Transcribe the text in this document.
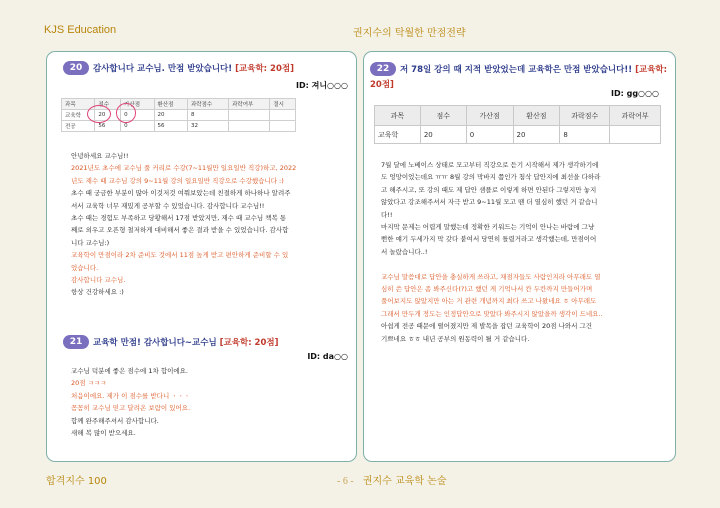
KJS Education	권지수의 탁월한 만점전략
20	감사합니다 교수님. 만점 받았습니다! [교육학: 20점]
ID: 져니○○○
과목	점수	가산점	환산점	과락점수	과락여부	결시
교육학	20	0	20	8		
전공	56	0	56	32		
안녕하세요 교수님!!
2021년도 초수에 교수님 풀 커리로 수강(7~11월만 일요일반 직강)하고, 2022
년도 재수 때 교수님 강의 9~11월 강의 일요일반 직강으로 수강했습니다 :)
초수 때 궁금한 부분이 많아 이것저것 여쭤보았는데 친절하게 하나하나 알려주
셔서 교육학 너무 재밌게 공부할 수 있었습니다. 감사합니다 교수님!!
초수 때는 경험도 부족하고 당황해서 17점 받았지만, 재수 때 교수님 책복 통
째로 외우고 오픈형 철저하게 대비해서 좋은 결과 받을 수 있었습니다. 감사합
니다 교수님:)
교육학이 만점이라 2차 준비도 것에서 11점 높게 받고 편안하게 준비할 수 있
었습니다.
감사합니다 교수님.
항상 건강하세요 :)
21	교육학 만점! 감사합니다~교수님 [교육학: 20점]
ID: da○○
교수님 덕분에 좋은 점수에 1차 합이에요.
20점 ㅋㅋㅋ
처음이에요. 제가 이 점수를 받다니 ㆍㆍㆍ
꼼꼼히 교수님 믿고 달려온 보람이 있어요.
합께 완주해주셔서 감사합니다.
새해 복 많이 받으세요.
22	저 78일 강의 때 지적 받았었는데 교육학은 만점 받았습니다!! [교육학:
20점]
ID: gg○○○
과목	점수	가산점	환산점	과락점수	과락여부
교육학	20	0	20	8	
7월 달에 노베이스 상태로 모고부터 직강으로 듣기 시작해서 제가 생각하기에
도 엉망이었는데요 ㅠㅠ 8월 강의 막바지 쯤인가 첨삭 답안지에 최선을 다하라
고 해주시고, 또 강의 때도 제 답안 샘플로 이렇게 하면 안된다 그렇지만 놓지
않았다고 강조해주셔서 자극 받고 9~11월 모고 땐 더 열심히 했던 거 같습니
다!!
마지막 문제는 어렵게 말했는데 정확한 키워드는 기억이 안나는 바람에 그냥
뻔한 얘기 두세가지 막 갖다 붙여서 당연히 틀렸거라고 생각했는데, 만점이어
서 놀랐습니다..!
교수님 말씀대로 답안을 충실하게 쓰라고, 채점자들도 사람인지라 아무래도 열
심히 쓴 답안은 좀 봐주신다(?)고 했던 게 기억나서 칸 두칸까지 만들어가며
풀어보지도 않았지만 아는 거 관련 개념까지 최다 쓰고 나왔네요 ㅎ 아무래도
그래서 만두개 정도는 인정답안으로 맞았다 봐주시지 않았을까 생각이 드네요..
아쉽게 전공 때문에 떨어졌지만 제 발목을 잡던 교육학이 20점 나와서 그건
기쁘네요 ㅎㅎ 내년 공부의 원동력이 될 거 같습니다.
합격지수 100	- 6 - 권지수 교육학 논술
